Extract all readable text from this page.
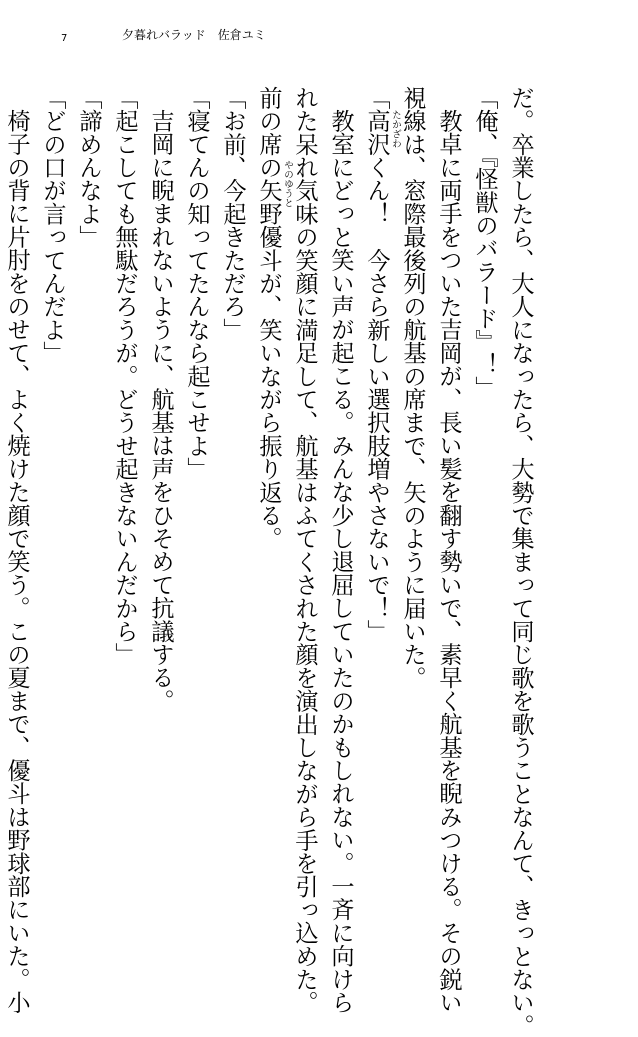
7	夕暮れバラッド 佐倉ユミ
だ。卒業したら、大人になったら、大勢で集まって同じ歌を歌うことなんて、きっとない。
「俺、『怪獣のバラード』！」
教卓に両手をついた吉岡が、長い髪を翻す勢いで、素早く航基を睨みつける。その鋭い
視線は、窓際最後列の航基の席まで、矢のように届いた。
「高沢くん！　今さら新しい選択肢増やさないで！」
教室にどっと笑い声が起こる。みんな少し退屈していたのかもしれない。一斉に向けら
れた呆れ気味の笑顔に満足して、航基はふてくされた顔を演出しながら手を引っ込めた。
前の席の矢野優斗が、笑いながら振り返る。
「お前、今起きただろ」
「寝てんの知ってたんなら起こせよ」
吉岡に睨まれないように、航基は声をひそめて抗議する。
「起こしても無駄だろうが。どうせ起きないんだから」
「諦めんなよ」
「どの口が言ってんだよ」
椅子の背に片肘をのせて、よく焼けた顔で笑う。この夏まで、優斗は野球部にいた。小	たかざわ
やのゆうと
